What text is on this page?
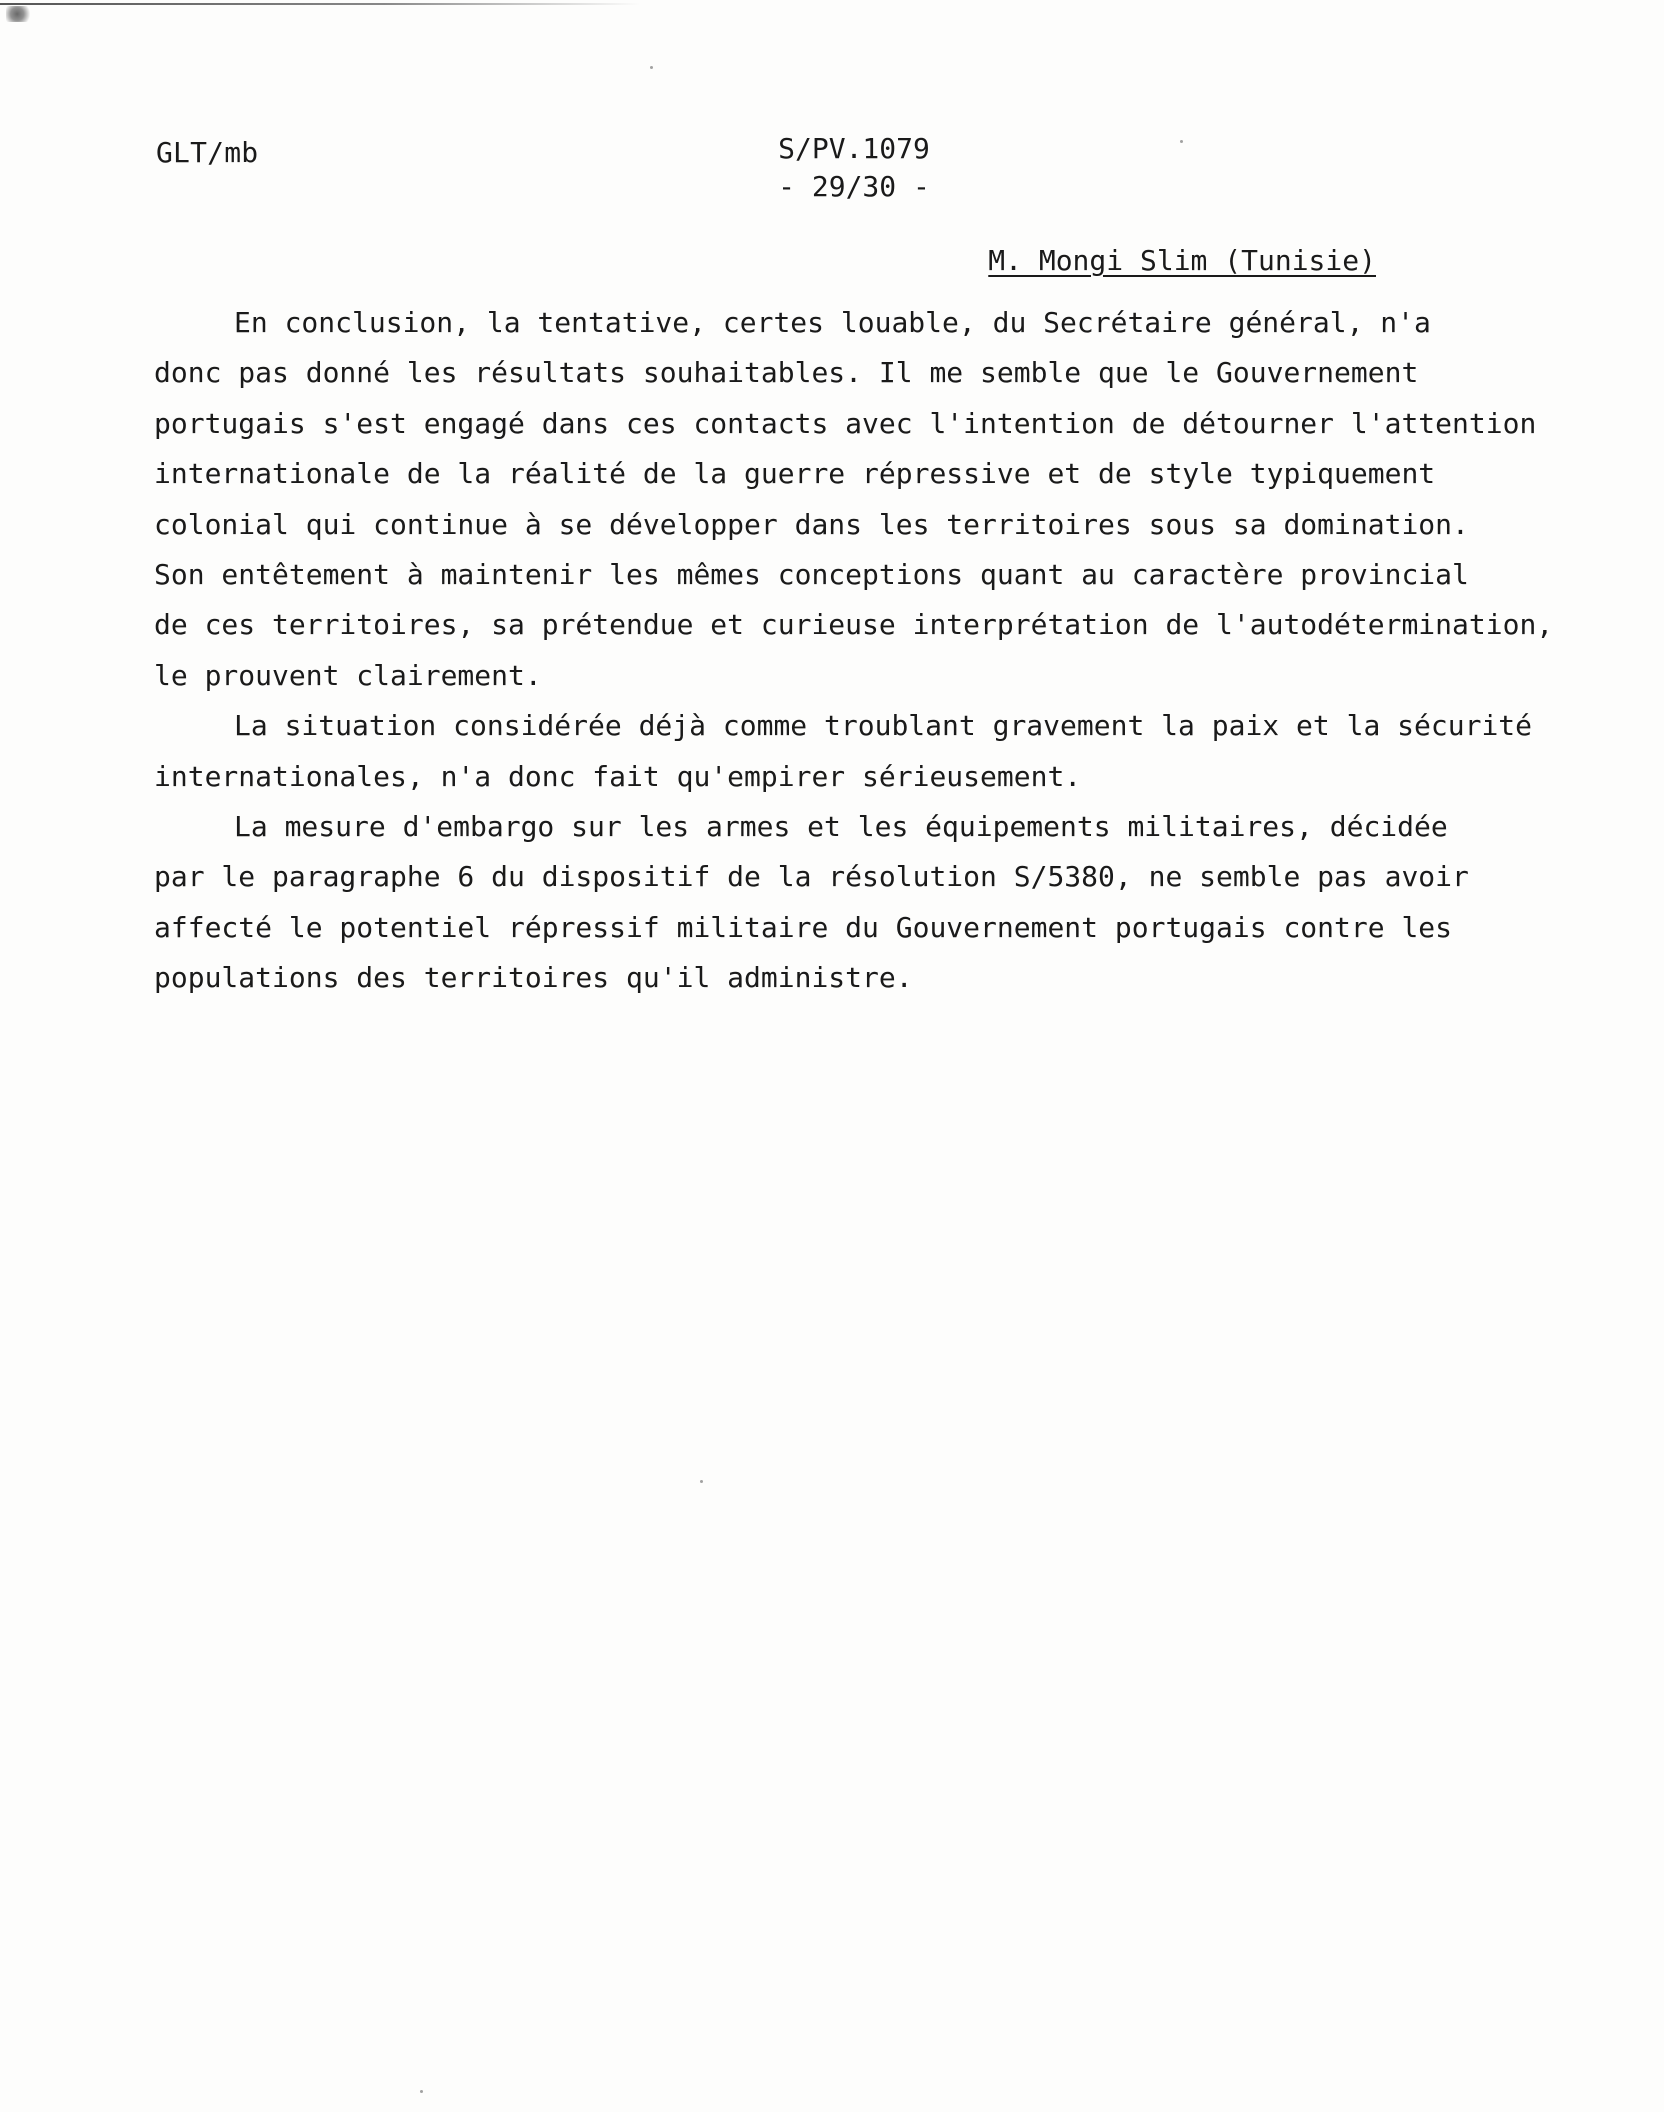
GLT/mb	S/PV.1079
- 29/30 -
M. Mongi Slim (Tunisie)
En conclusion, la tentative, certes louable, du Secrétaire général, n'a
donc pas donné les résultats souhaitables. Il me semble que le Gouvernement
portugais s'est engagé dans ces contacts avec l'intention de détourner l'attention
internationale de la réalité de la guerre répressive et de style typiquement
colonial qui continue à se développer dans les territoires sous sa domination.
Son entêtement à maintenir les mêmes conceptions quant au caractère provincial
de ces territoires, sa prétendue et curieuse interprétation de l'autodétermination,
le prouvent clairement.
La situation considérée déjà comme troublant gravement la paix et la sécurité
internationales, n'a donc fait qu'empirer sérieusement.
La mesure d'embargo sur les armes et les équipements militaires, décidée
par le paragraphe 6 du dispositif de la résolution S/5380, ne semble pas avoir
affecté le potentiel répressif militaire du Gouvernement portugais contre les
populations des territoires qu'il administre.
